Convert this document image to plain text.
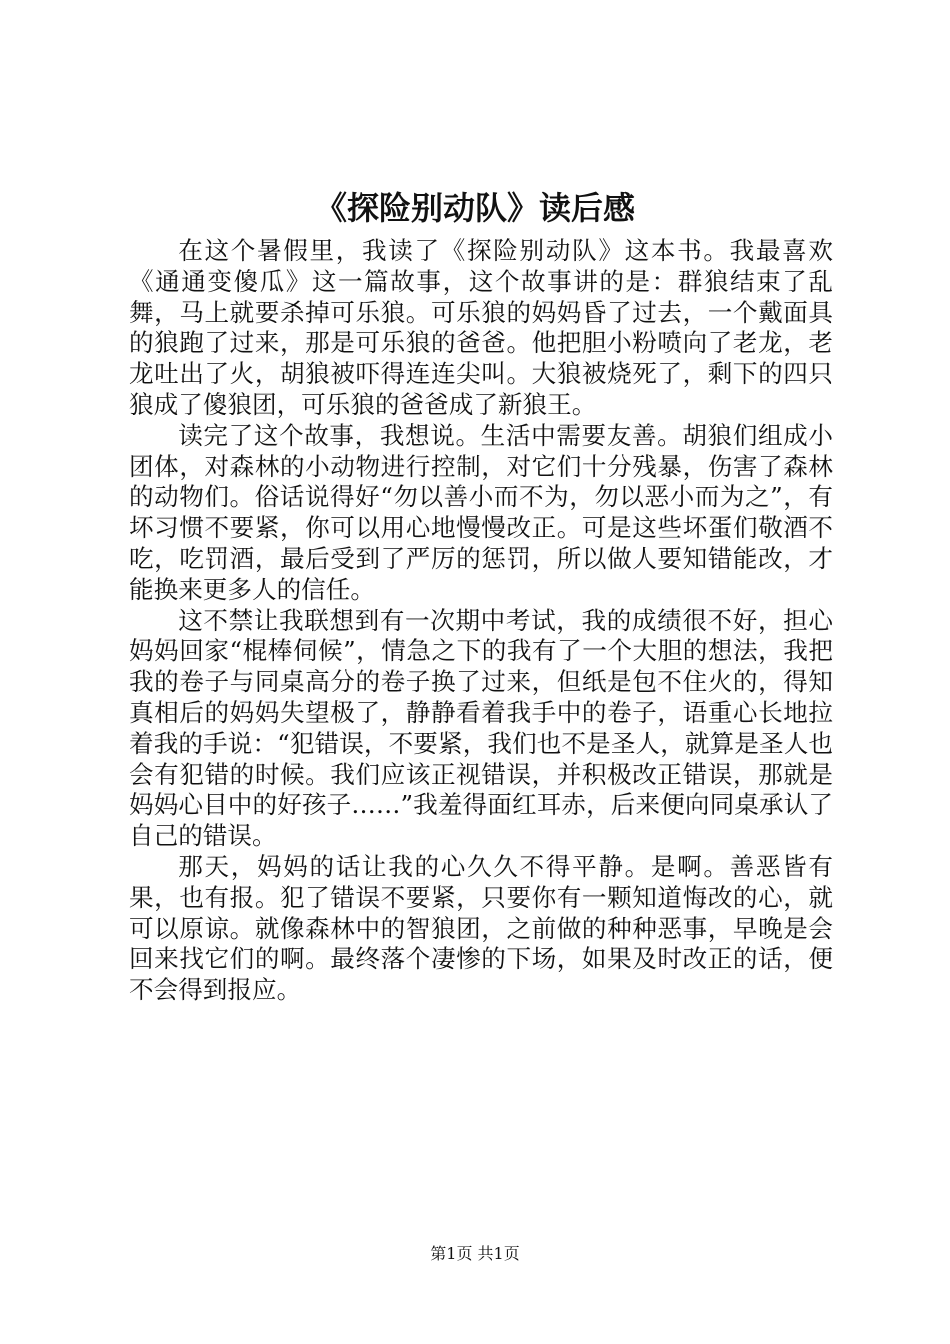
《探险别动队》读后感

在这个暑假里，我读了《探险别动队》这本书。我最喜欢《通通变傻瓜》这一篇故事，这个故事讲的是：群狼结束了乱舞，马上就要杀掉可乐狼。可乐狼的妈妈昏了过去，一个戴面具的狼跑了过来，那是可乐狼的爸爸。他把胆小粉喷向了老龙，老龙吐出了火，胡狼被吓得连连尖叫。大狼被烧死了，剩下的四只狼成了傻狼团，可乐狼的爸爸成了新狼王。

读完了这个故事，我想说。生活中需要友善。胡狼们组成小团体，对森林的小动物进行控制，对它们十分残暴，伤害了森林的动物们。俗话说得好“勿以善小而不为，勿以恶小而为之”，有坏习惯不要紧，你可以用心地慢慢改正。可是这些坏蛋们敬酒不吃，吃罚酒，最后受到了严厉的惩罚，所以做人要知错能改，才能换来更多人的信任。

这不禁让我联想到有一次期中考试，我的成绩很不好，担心妈妈回家“棍棒伺候”，情急之下的我有了一个大胆的想法，我把我的卷子与同桌高分的卷子换了过来，但纸是包不住火的，得知真相后的妈妈失望极了，静静看着我手中的卷子，语重心长地拉着我的手说：“犯错误，不要紧，我们也不是圣人，就算是圣人也会有犯错的时候。我们应该正视错误，并积极改正错误，那就是妈妈心目中的好孩子……”我羞得面红耳赤，后来便向同桌承认了自己的错误。

那天，妈妈的话让我的心久久不得平静。是啊。善恶皆有果，也有报。犯了错误不要紧，只要你有一颗知道悔改的心，就可以原谅。就像森林中的智狼团，之前做的种种恶事，早晚是会回来找它们的啊。最终落个凄惨的下场，如果及时改正的话，便不会得到报应。

第1页 共1页
